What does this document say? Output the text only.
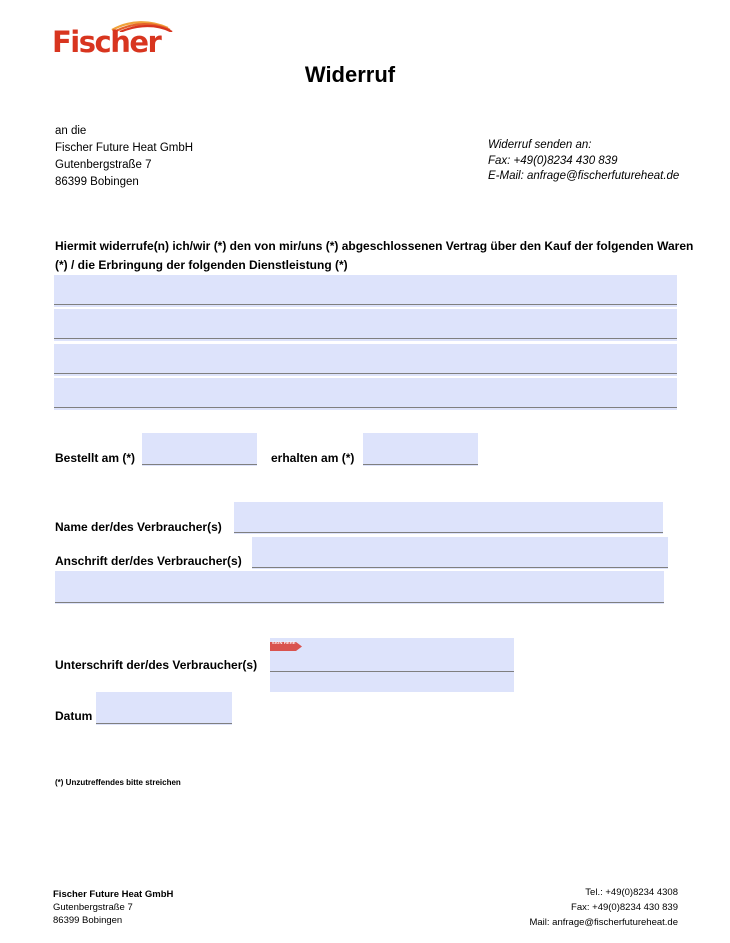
Fischer
Widerruf
an die
Fischer Future Heat GmbH
Gutenbergstraße 7
86399 Bobingen
Widerruf senden an:
Fax: +49(0)8234 430 839
E-Mail: anfrage@fischerfutureheat.de
Hiermit widerrufe(n) ich/wir (*) den von mir/uns (*) abgeschlossenen Vertrag über den Kauf der folgenden Waren (*) / die Erbringung der folgenden Dienstleistung (*)
Bestellt am (*)	erhalten am (*)
Name der/des Verbraucher(s)
Anschrift der/des Verbraucher(s)
Unterschrift der/des Verbraucher(s)
SIGN HERE
Datum
(*) Unzutreffendes bitte streichen
Fischer Future Heat GmbH
Gutenbergstraße 7
86399 Bobingen
Tel.: +49(0)8234 4308
Fax: +49(0)8234 430 839
Mail: anfrage@fischerfutureheat.de
